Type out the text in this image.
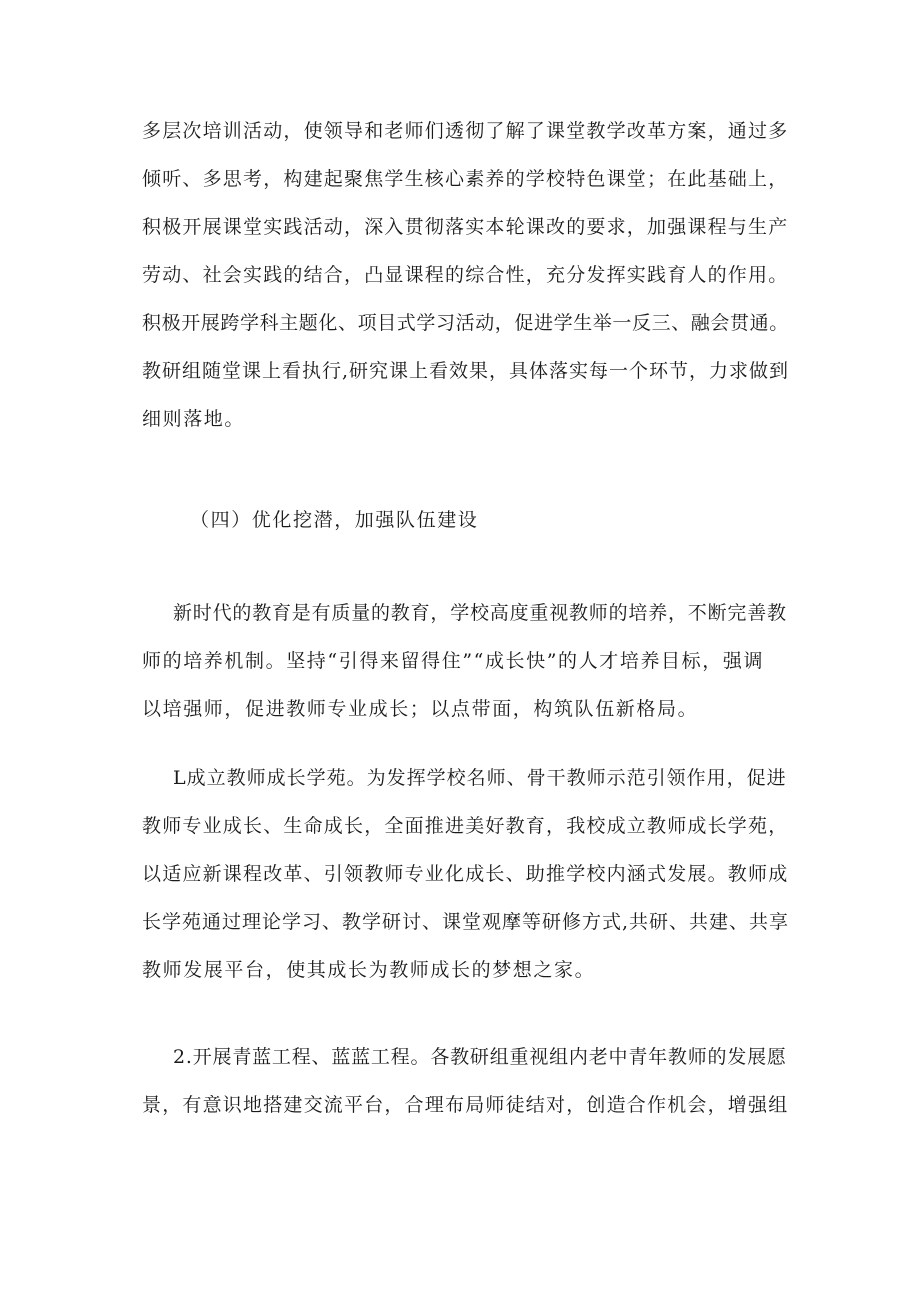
多层次培训活动，使领导和老师们透彻了解了课堂教学改革方案，通过多
倾听、多思考，构建起聚焦学生核心素养的学校特色课堂；在此基础上，
积极开展课堂实践活动，深入贯彻落实本轮课改的要求，加强课程与生产
劳动、社会实践的结合，凸显课程的综合性，充分发挥实践育人的作用。
积极开展跨学科主题化、项目式学习活动，促进学生举一反三、融会贯通。
教研组随堂课上看执行,研究课上看效果，具体落实每一个环节，力求做到
细则落地。
（四）优化挖潜，加强队伍建设
新时代的教育是有质量的教育，学校高度重视教师的培养，不断完善教
师的培养机制。坚持“引得来留得住”“成长快”的人才培养目标，强调
以培强师，促进教师专业成长；以点带面，构筑队伍新格局。
L成立教师成长学苑。为发挥学校名师、骨干教师示范引领作用，促进
教师专业成长、生命成长，全面推进美好教育，我校成立教师成长学苑，
以适应新课程改革、引领教师专业化成长、助推学校内涵式发展。教师成
长学苑通过理论学习、教学研讨、课堂观摩等研修方式,共研、共建、共享
教师发展平台，使其成长为教师成长的梦想之家。
2.开展青蓝工程、蓝蓝工程。各教研组重视组内老中青年教师的发展愿
景，有意识地搭建交流平台，合理布局师徒结对，创造合作机会，增强组
